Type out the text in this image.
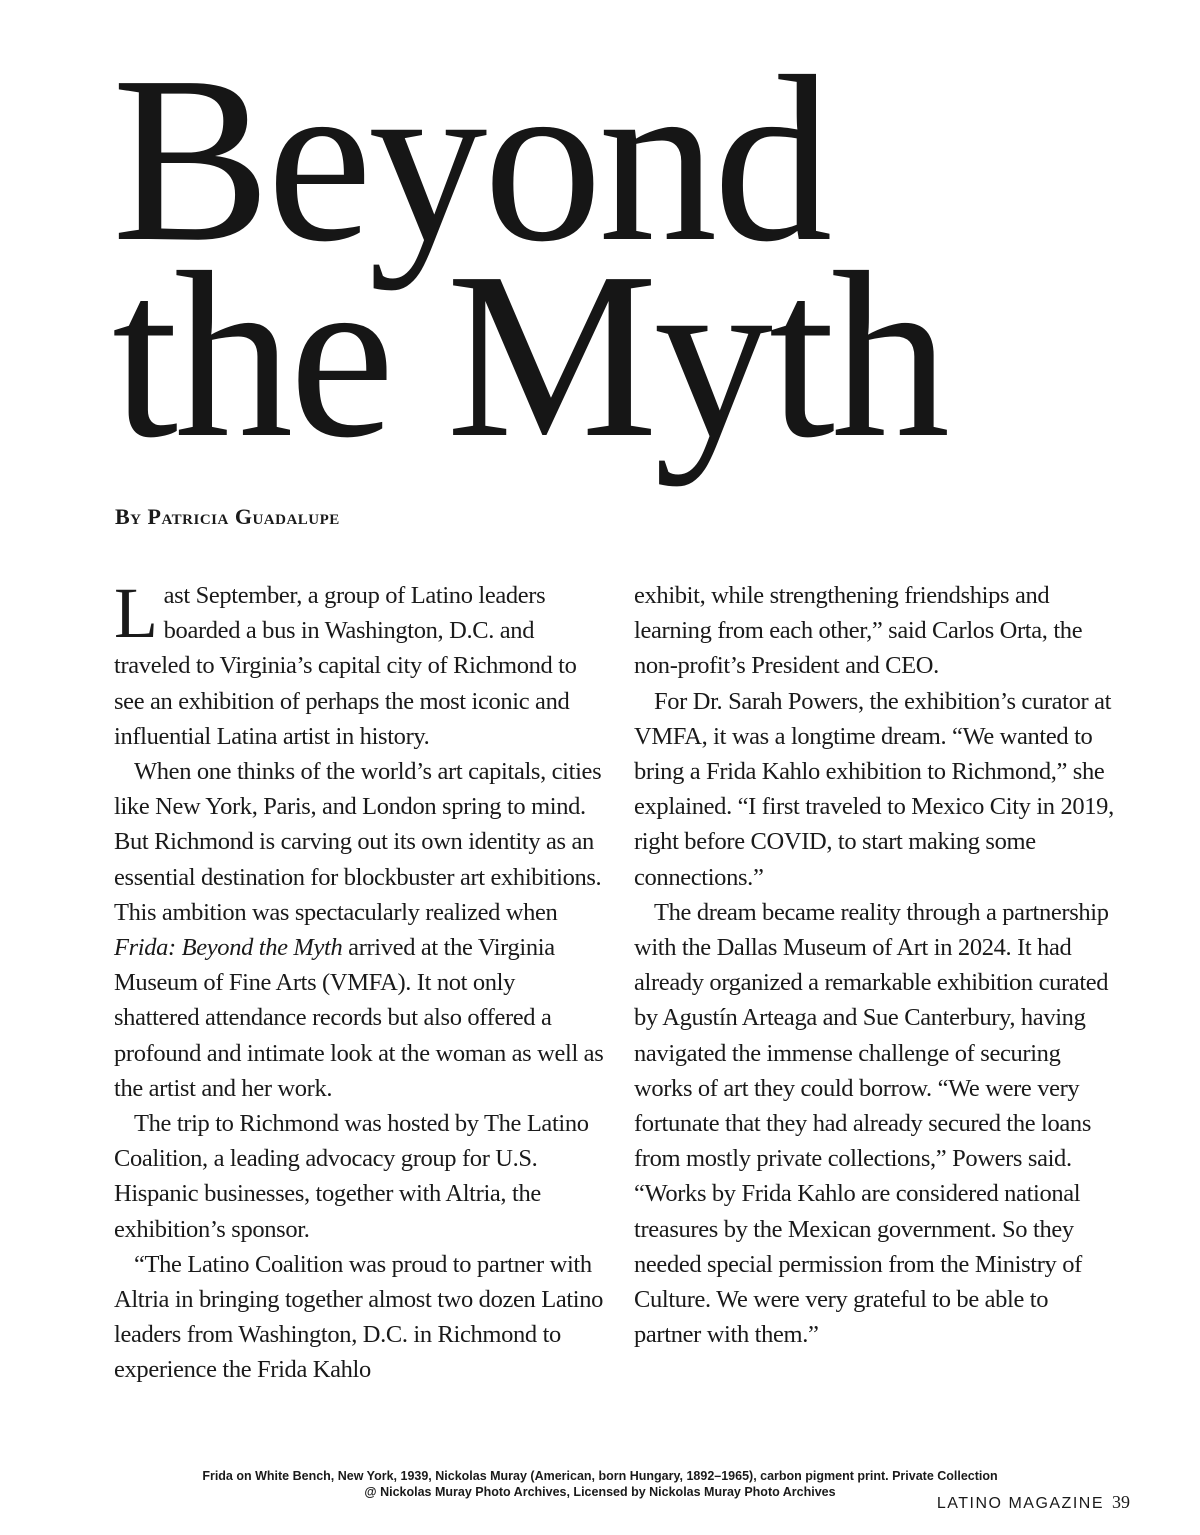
Beyond
the Myth
By Patricia Guadalupe

Last September, a group of Latino leaders boarded a bus in Washington, D.C. and traveled to Virginia’s capital city of Richmond to see an exhibition of perhaps the most iconic and influential Latina artist in history.

When one thinks of the world’s art capitals, cities like New York, Paris, and London spring to mind. But Richmond is carving out its own identity as an essential destination for blockbuster art exhibitions. This ambition was spectacularly realized when Frida: Beyond the Myth arrived at the Virginia Museum of Fine Arts (VMFA). It not only shattered attendance records but also offered a profound and intimate look at the woman as well as the artist and her work.

The trip to Richmond was hosted by The Latino Coalition, a leading advocacy group for U.S. Hispanic businesses, together with Altria, the exhibition’s sponsor.

“The Latino Coalition was proud to partner with Altria in bringing together almost two dozen Latino leaders from Washington, D.C. in Richmond to experience the Frida Kahlo

exhibit, while strengthening friendships and learning from each other,” said Carlos Orta, the non-profit’s President and CEO.

For Dr. Sarah Powers, the exhibition’s curator at VMFA, it was a longtime dream. “We wanted to bring a Frida Kahlo exhibition to Richmond,” she explained. “I first traveled to Mexico City in 2019, right before COVID, to start making some connections.”

The dream became reality through a partnership with the Dallas Museum of Art in 2024. It had already organized a remarkable exhibition curated by Agustín Arteaga and Sue Canterbury, having navigated the immense challenge of securing works of art they could borrow. “We were very fortunate that they had already secured the loans from mostly private collections,” Powers said. “Works by Frida Kahlo are considered national treasures by the Mexican government. So they needed special permission from the Ministry of Culture. We were very grateful to be able to partner with them.”

Frida on White Bench, New York, 1939, Nickolas Muray (American, born Hungary, 1892–1965), carbon pigment print. Private Collection
@ Nickolas Muray Photo Archives, Licensed by Nickolas Muray Photo Archives
LATINO MAGAZINE 39
